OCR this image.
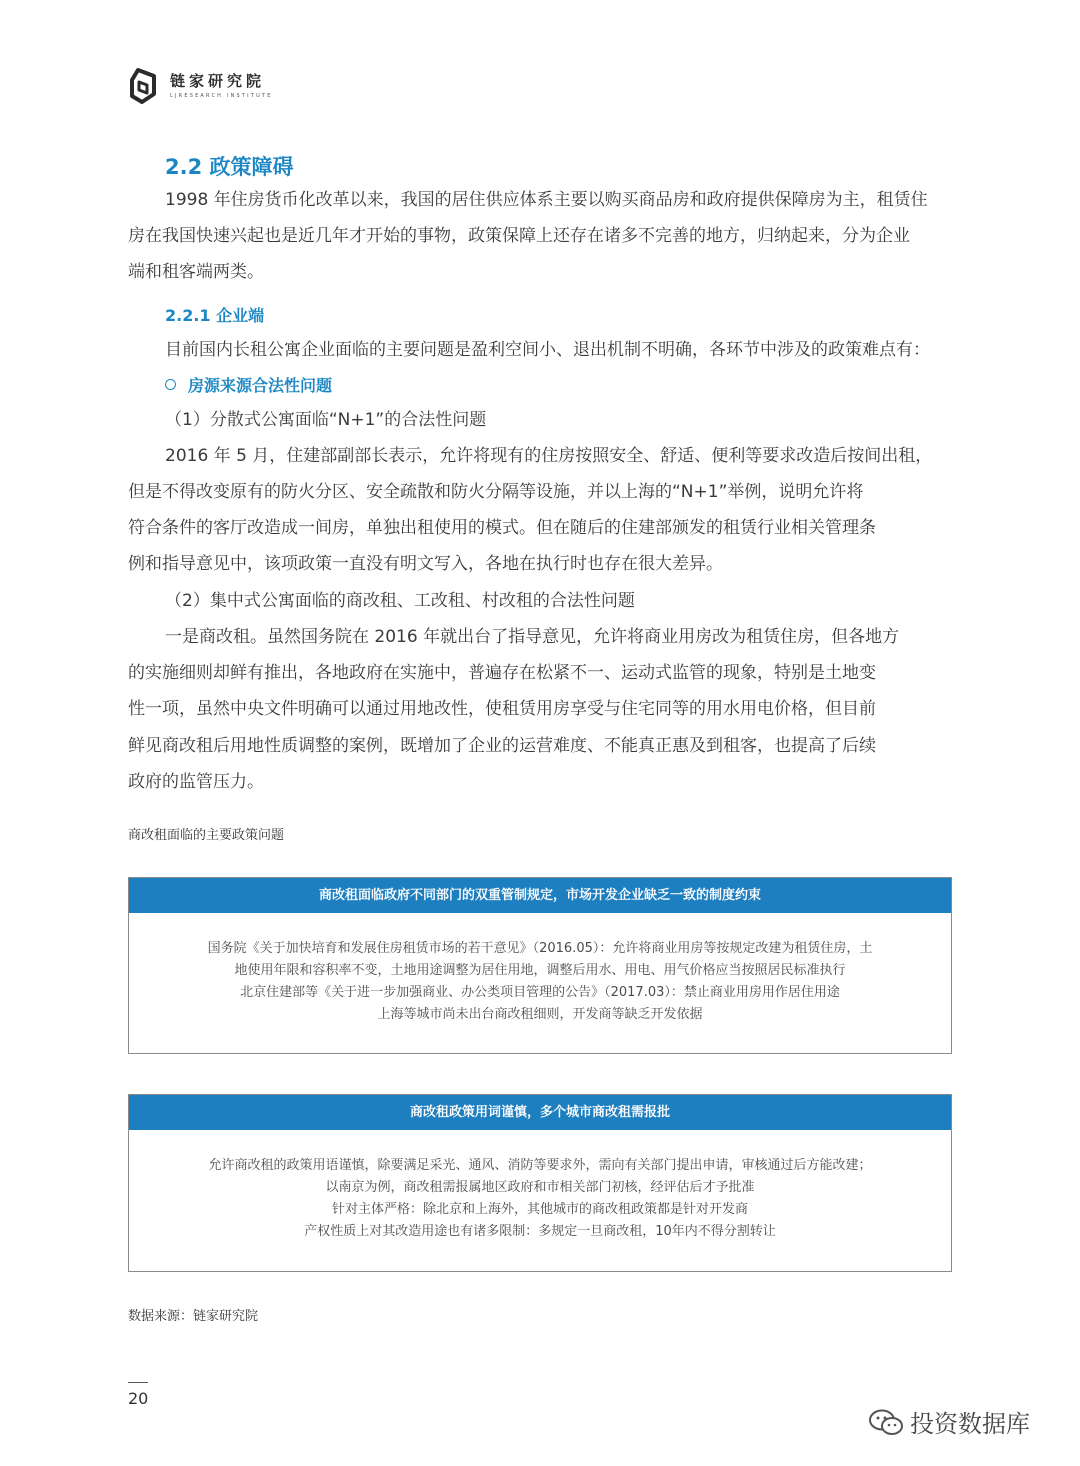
链家研究院
LJRESEARCH INSTITUTE
2.2 政策障碍
1998 年住房货币化改革以来，我国的居住供应体系主要以购买商品房和政府提供保障房为主，租赁住
房在我国快速兴起也是近几年才开始的事物，政策保障上还存在诸多不完善的地方，归纳起来，分为企业
端和租客端两类。
2.2.1 企业端
目前国内长租公寓企业面临的主要问题是盈利空间小、退出机制不明确，各环节中涉及的政策难点有：
房源来源合法性问题
（1）分散式公寓面临“N+1”的合法性问题
2016 年 5 月，住建部副部长表示，允许将现有的住房按照安全、舒适、便利等要求改造后按间出租，
但是不得改变原有的防火分区、安全疏散和防火分隔等设施，并以上海的“N+1”举例，说明允许将
符合条件的客厅改造成一间房，单独出租使用的模式。但在随后的住建部颁发的租赁行业相关管理条
例和指导意见中，该项政策一直没有明文写入，各地在执行时也存在很大差异。
（2）集中式公寓面临的商改租、工改租、村改租的合法性问题
一是商改租。虽然国务院在 2016 年就出台了指导意见，允许将商业用房改为租赁住房，但各地方
的实施细则却鲜有推出，各地政府在实施中，普遍存在松紧不一、运动式监管的现象，特别是土地变
性一项，虽然中央文件明确可以通过用地改性，使租赁用房享受与住宅同等的用水用电价格，但目前
鲜见商改租后用地性质调整的案例，既增加了企业的运营难度、不能真正惠及到租客，也提高了后续
政府的监管压力。
商改租面临的主要政策问题
商改租面临政府不同部门的双重管制规定，市场开发企业缺乏一致的制度约束
国务院《关于加快培育和发展住房租赁市场的若干意见》（2016.05）：允许将商业用房等按规定改建为租赁住房，土
地使用年限和容积率不变，土地用途调整为居住用地，调整后用水、用电、用气价格应当按照居民标准执行
北京住建部等《关于进一步加强商业、办公类项目管理的公告》（2017.03）：禁止商业用房用作居住用途
上海等城市尚未出台商改租细则，开发商等缺乏开发依据
商改租政策用词谨慎，多个城市商改租需报批
允许商改租的政策用语谨慎，除要满足采光、通风、消防等要求外，需向有关部门提出申请，审核通过后方能改建；
以南京为例，商改租需报属地区政府和市相关部门初核，经评估后才予批准
针对主体严格：除北京和上海外，其他城市的商改租政策都是针对开发商
产权性质上对其改造用途也有诸多限制：多规定一旦商改租，10年内不得分割转让
数据来源：链家研究院
20
投资数据库
